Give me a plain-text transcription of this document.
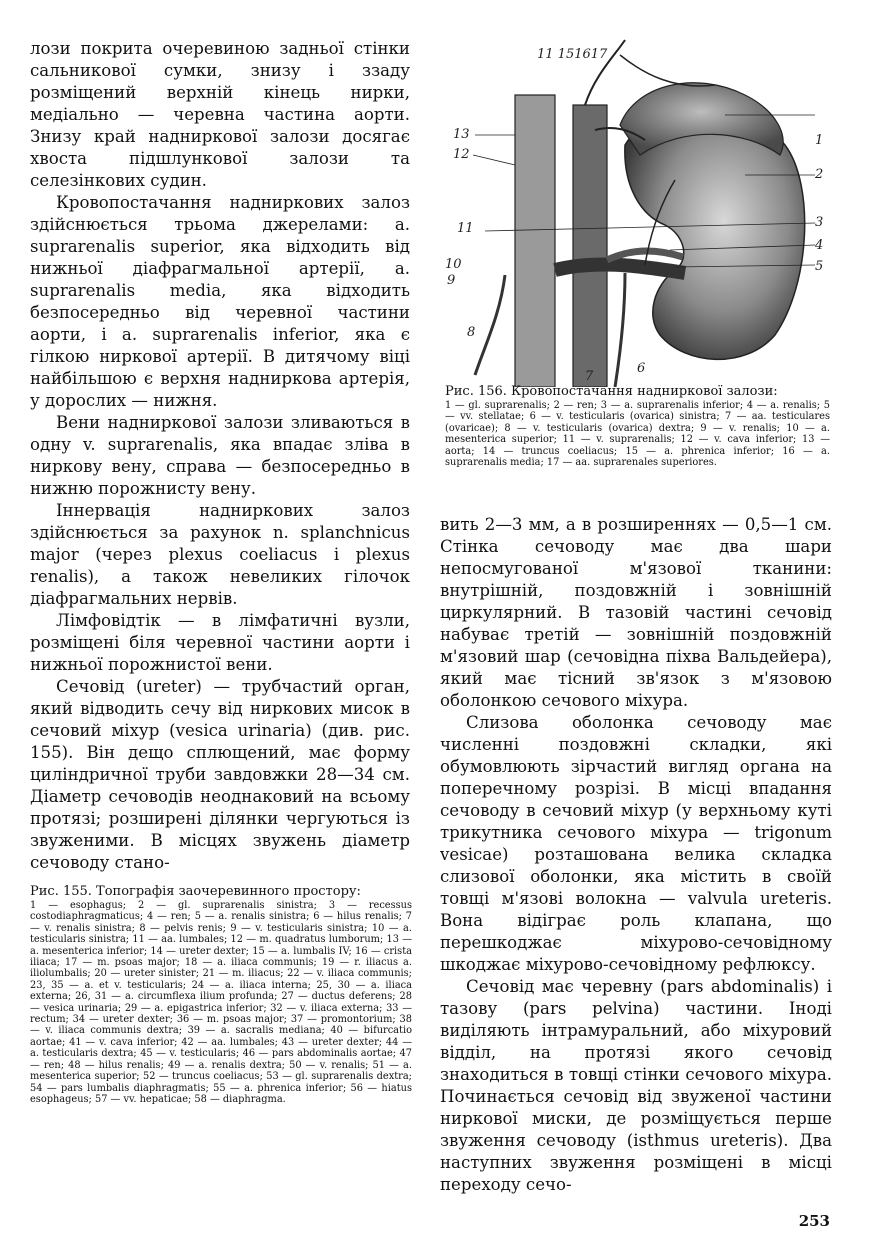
лози покрита очеревиною задньої стінки сальникової сумки, знизу і ззаду розміщений верхній кінець нирки, медіально — черевна частина аорти. Знизу край надниркової залози досягає хвоста підшлункової залози та селезінкових судин.

Кровопостачання надниркових залоз здійснюється трьома джерелами: a. suprarenalis superior, яка відходить від нижньої діафрагмальної артерії, a. suprarenalis media, яка відходить безпосередньо від черевної частини аорти, і a. suprarenalis inferior, яка є гілкою ниркової артерії. В дитячому віці найбільшою є верхня надниркова артерія, у дорослих — нижня.

Вени надниркової залози зливаються в одну v. suprarenalis, яка впадає зліва в ниркову вену, справа — безпосередньо в нижню порожнисту вену.

Іннервація надниркових залоз здійснюється за рахунок n. splanchnicus major (через plexus coeliacus і plexus renalis), а також невеликих гілочок діафрагмальних нервів.

Лімфовідтік — в лімфатичні вузли, розміщені біля черевної частини аорти і нижньої порожнистої вени.

Сечовід (ureter) — трубчастий орган, який відводить сечу від ниркових мисок в сечовий міхур (vesica urinaria) (див. рис. 155). Він дещо сплющений, має форму циліндричної труби завдовжки 28—34 см. Діаметр сечоводів неоднаковий на всьому протязі; розширені ділянки чергуються із звуженими. В місцях звужень діаметр сечоводу стано-

Рис. 155. Топографія заочеревинного простору:

1 — esophagus; 2 — gl. suprarenalis sinistra; 3 — recessus costodiaphragmaticus; 4 — ren; 5 — a. renalis sinistra; 6 — hilus renalis; 7 — v. renalis sinistra; 8 — pelvis renis; 9 — v. testicularis sinistra; 10 — a. testicularis sinistra; 11 — aa. lumbales; 12 — m. quadratus lumborum; 13 — a. mesenterica inferior; 14 — ureter dexter; 15 — a. lumbalis IV; 16 — crista iliaca; 17 — m. psoas major; 18 — a. iliaca communis; 19 — r. iliacus a. iliolumbalis; 20 — ureter sinister; 21 — m. iliacus; 22 — v. iliaca communis; 23, 35 — a. et v. testicularis; 24 — a. iliaca interna; 25, 30 — a. iliaca externa; 26, 31 — a. circumflexa ilium profunda; 27 — ductus deferens; 28 — vesica urinaria; 29 — a. epigastrica inferior; 32 — v. iliaca externa; 33 — rectum; 34 — ureter dexter; 36 — m. psoas major; 37 — promontorium; 38 — v. iliaca communis dextra; 39 — a. sacralis mediana; 40 — bifurcatio aortae; 41 — v. cava inferior; 42 — aa. lumbales; 43 — ureter dexter; 44 — a. testicularis dextra; 45 — v. testicularis; 46 — pars abdominalis aortae; 47 — ren; 48 — hilus renalis; 49 — a. renalis dextra; 50 — v. renalis; 51 — a. mesenterica superior; 52 — truncus coeliacus; 53 — gl. suprarenalis dextra; 54 — pars lumbalis diaphragmatis; 55 — a. phrenica inferior; 56 — hiatus esophageus; 57 — vv. hepaticae; 58 — diaphragma.

11 151617
1
2
3
4
5
6
7
8
9
10
11
12
13

Рис. 156. Кровопостачання надниркової залози:

1 — gl. suprarenalis; 2 — ren; 3 — a. suprarenalis inferior; 4 — a. renalis; 5 — vv. stellatae; 6 — v. testicularis (ovarica) sinistra; 7 — aa. testiculares (ovaricae); 8 — v. testicularis (ovarica) dextra; 9 — v. renalis; 10 — a. mesenterica superior; 11 — v. suprarenalis; 12 — v. cava inferior; 13 — aorta; 14 — truncus coeliacus; 15 — a. phrenica inferior; 16 — a. suprarenalis media; 17 — aa. suprarenales superiores.

вить 2—3 мм, а в розширеннях — 0,5—1 см. Стінка сечоводу має два шари непосмугованої м'язової тканини: внутрішній, поздовжній і зовнішній циркулярний. В тазовій частині сечовід набуває третій — зовнішній поздовжній м'язовий шар (сечовідна піхва Вальдейера), який має тісний зв'язок з м'язовою оболонкою сечового міхура.

Слизова оболонка сечоводу має численні поздовжні складки, які обумовлюють зірчастий вигляд органа на поперечному розрізі. В місці впадання сечоводу в сечовий міхур (у верхньому куті трикутника сечового міхура — trigonum vesicae) розташована велика складка слизової оболонки, яка містить в своїй товщі м'язові волокна — valvula ureteris. Вона відіграє роль клапана, що перешкоджає міхурово-сечовідному шкоджає міхурово-сечовідному рефлюксу.

Сечовід має черевну (pars abdominalis) і тазову (pars pelvina) частини. Іноді виділяють інтрамуральний, або міхуровий відділ, на протязі якого сечовід знаходиться в товщі стінки сечового міхура. Починається сечовід від звуженої частини ниркової миски, де розміщується перше звуження сечоводу (isthmus ureteris). Два наступних звуження розміщені в місці переходу сечо-

253
